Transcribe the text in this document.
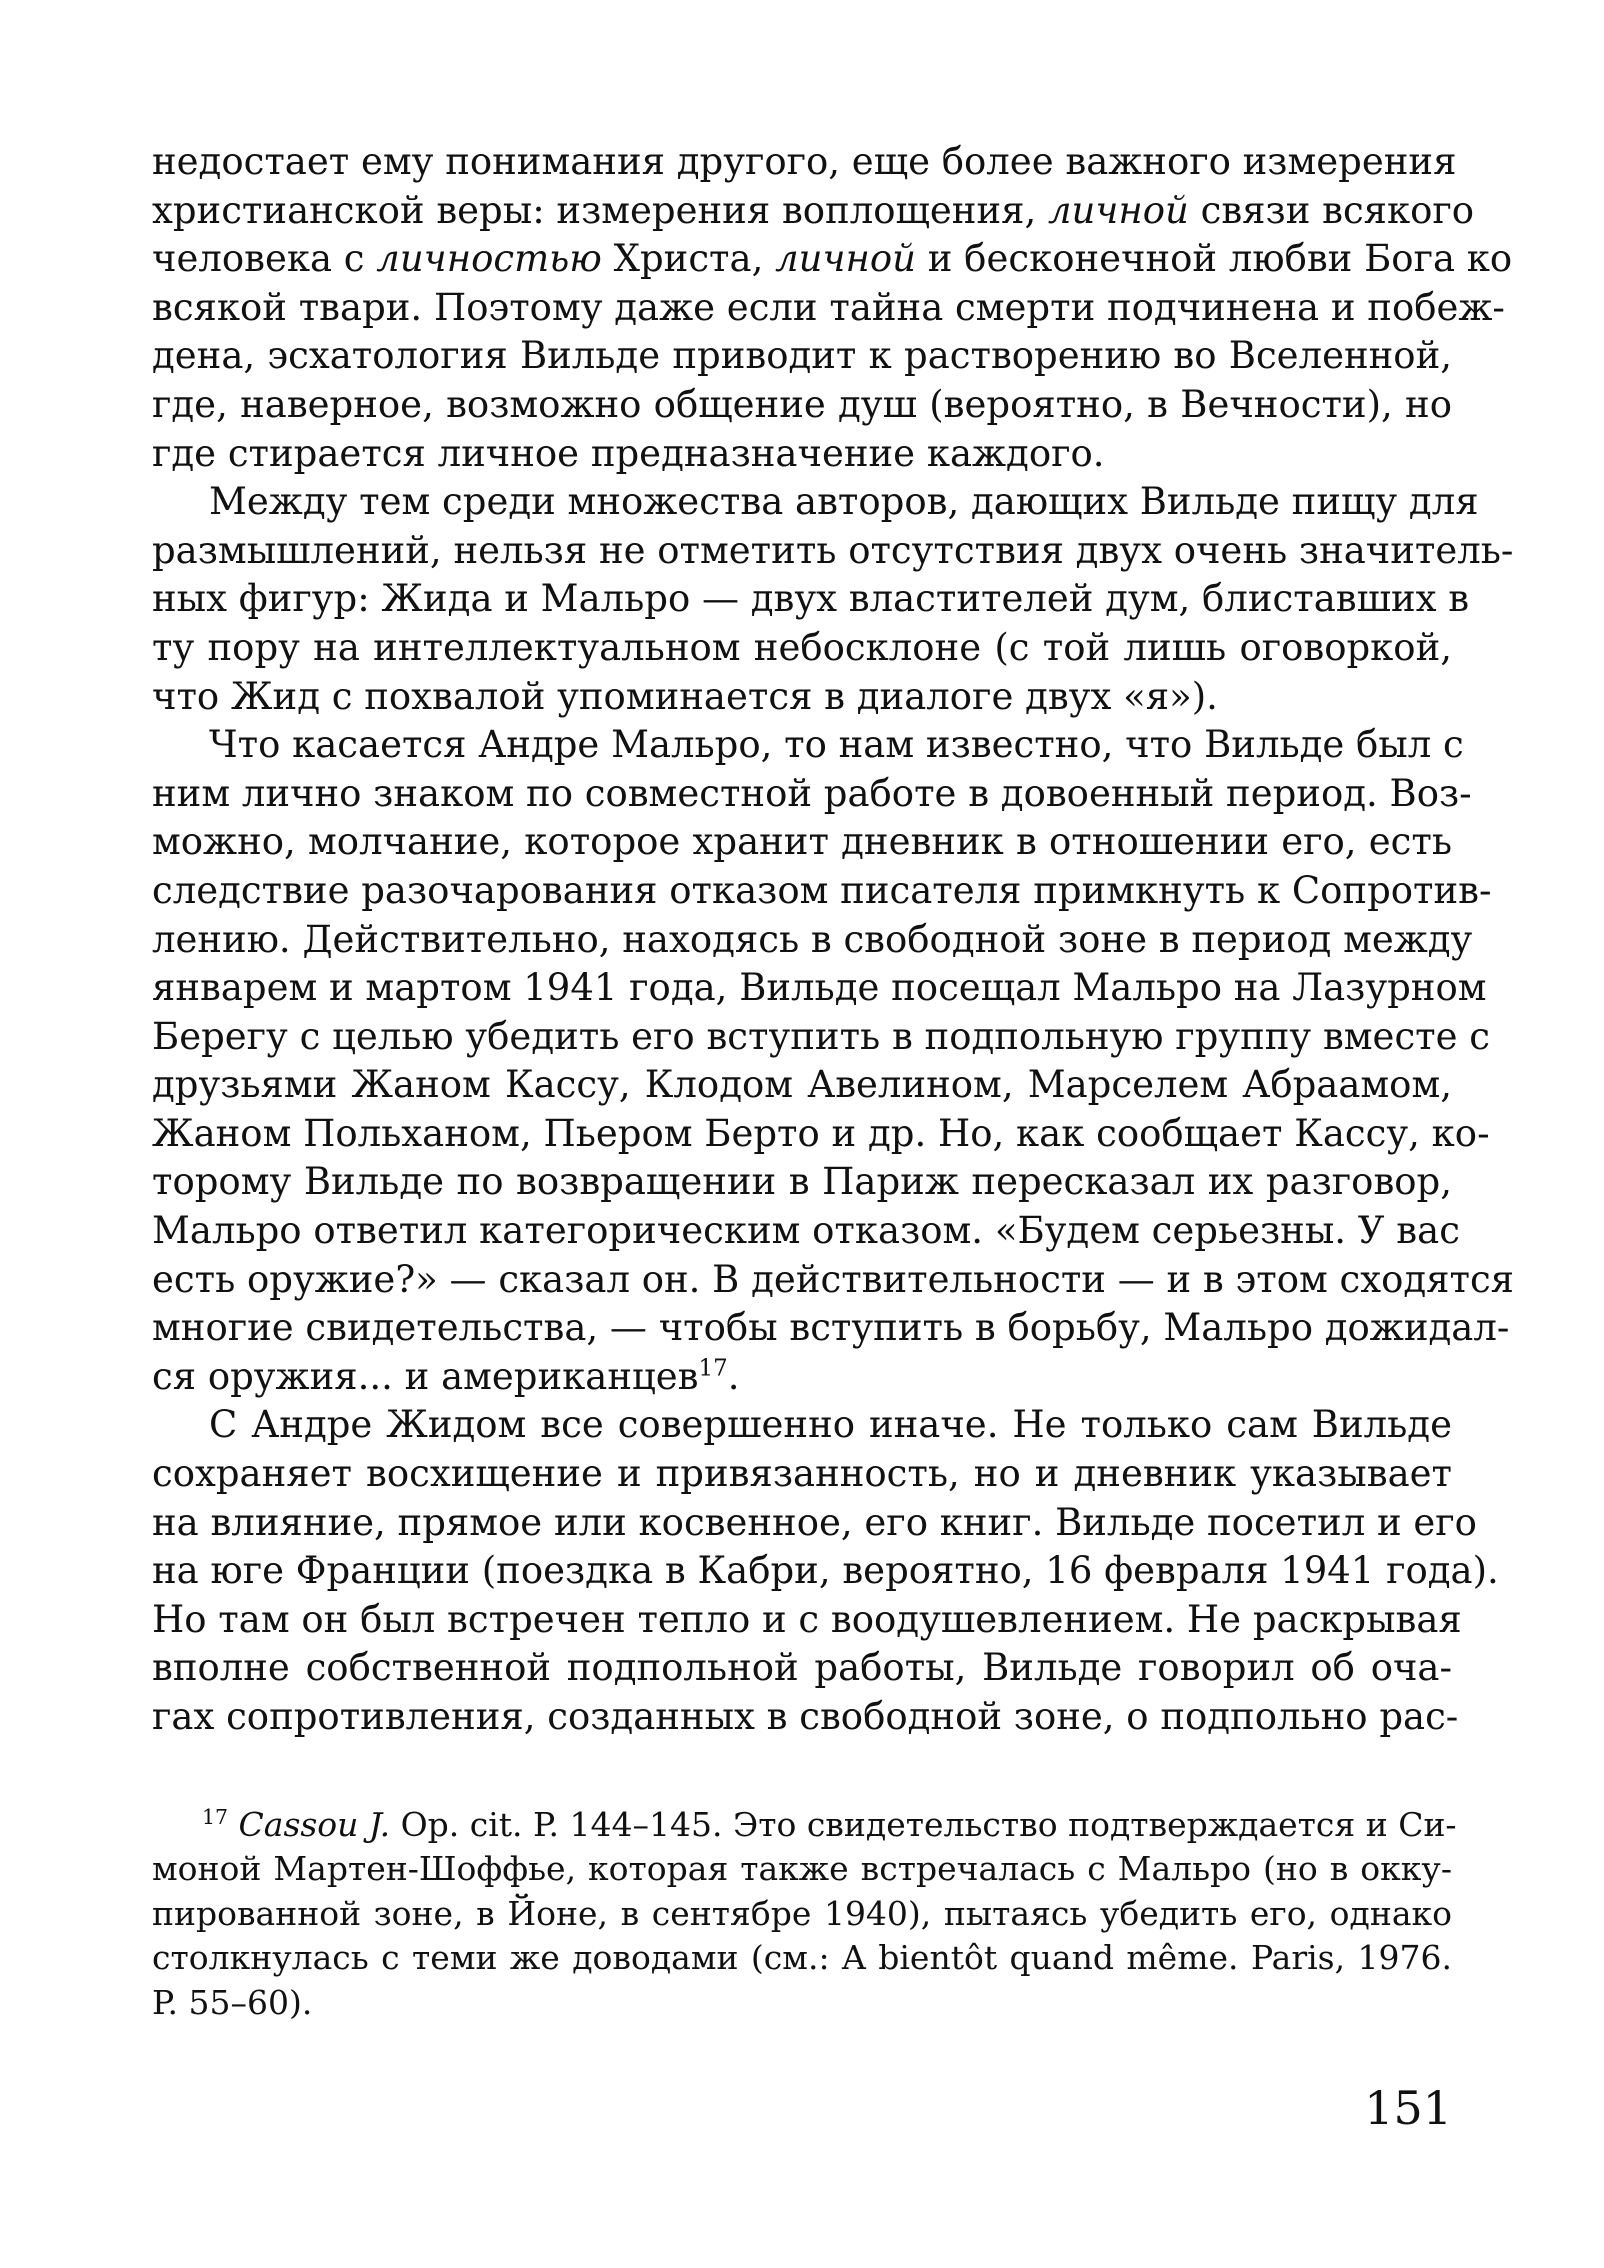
недостает ему понимания другого, еще более важного измерения
христианской веры: измерения воплощения, личной связи всякого
человека с личностью Христа, личной и бесконечной любви Бога ко
всякой твари. Поэтому даже если тайна смерти подчинена и побеж-
дена, эсхатология Вильде приводит к растворению во Вселенной,
где, наверное, возможно общение душ (вероятно, в Вечности), но
где стирается личное предназначение каждого.
Между тем среди множества авторов, дающих Вильде пищу для
размышлений, нельзя не отметить отсутствия двух очень значитель-
ных фигур: Жида и Мальро — двух властителей дум, блиставших в
ту пору на интеллектуальном небосклоне (с той лишь оговоркой,
что Жид с похвалой упоминается в диалоге двух «я»).
Что касается Андре Мальро, то нам известно, что Вильде был с
ним лично знаком по совместной работе в довоенный период. Воз-
можно, молчание, которое хранит дневник в отношении его, есть
следствие разочарования отказом писателя примкнуть к Сопротив-
лению. Действительно, находясь в свободной зоне в период между
январем и мартом 1941 года, Вильде посещал Мальро на Лазурном
Берегу с целью убедить его вступить в подпольную группу вместе с
друзьями Жаном Кассу, Клодом Авелином, Марселем Абраамом,
Жаном Польханом, Пьером Берто и др. Но, как сообщает Кассу, ко-
торому Вильде по возвращении в Париж пересказал их разговор,
Мальро ответил категорическим отказом. «Будем серьезны. У вас
есть оружие?» — сказал он. В действительности — и в этом сходятся
многие свидетельства, — чтобы вступить в борьбу, Мальро дожидал-
ся оружия... и американцев$^{17}$.
С Андре Жидом все совершенно иначе. Не только сам Вильде
сохраняет восхищение и привязанность, но и дневник указывает
на влияние, прямое или косвенное, его книг. Вильде посетил и его
на юге Франции (поездка в Кабри, вероятно, 16 февраля 1941 года).
Но там он был встречен тепло и с воодушевлением. Не раскрывая
вполне собственной подпольной работы, Вильде говорил об оча-
гах сопротивления, созданных в свободной зоне, о подпольно рас-
$^{17}$ Cassou J. Op. cit. P. 144–145. Это свидетельство подтверждается и Си-
моной Мартен-Шоффье, которая также встречалась с Мальро (но в окку-
пированной зоне, в Йоне, в сентябре 1940), пытаясь убедить его, однако
столкнулась с теми же доводами (см.: A bientôt quand même. Paris, 1976.
P. 55–60).
151
